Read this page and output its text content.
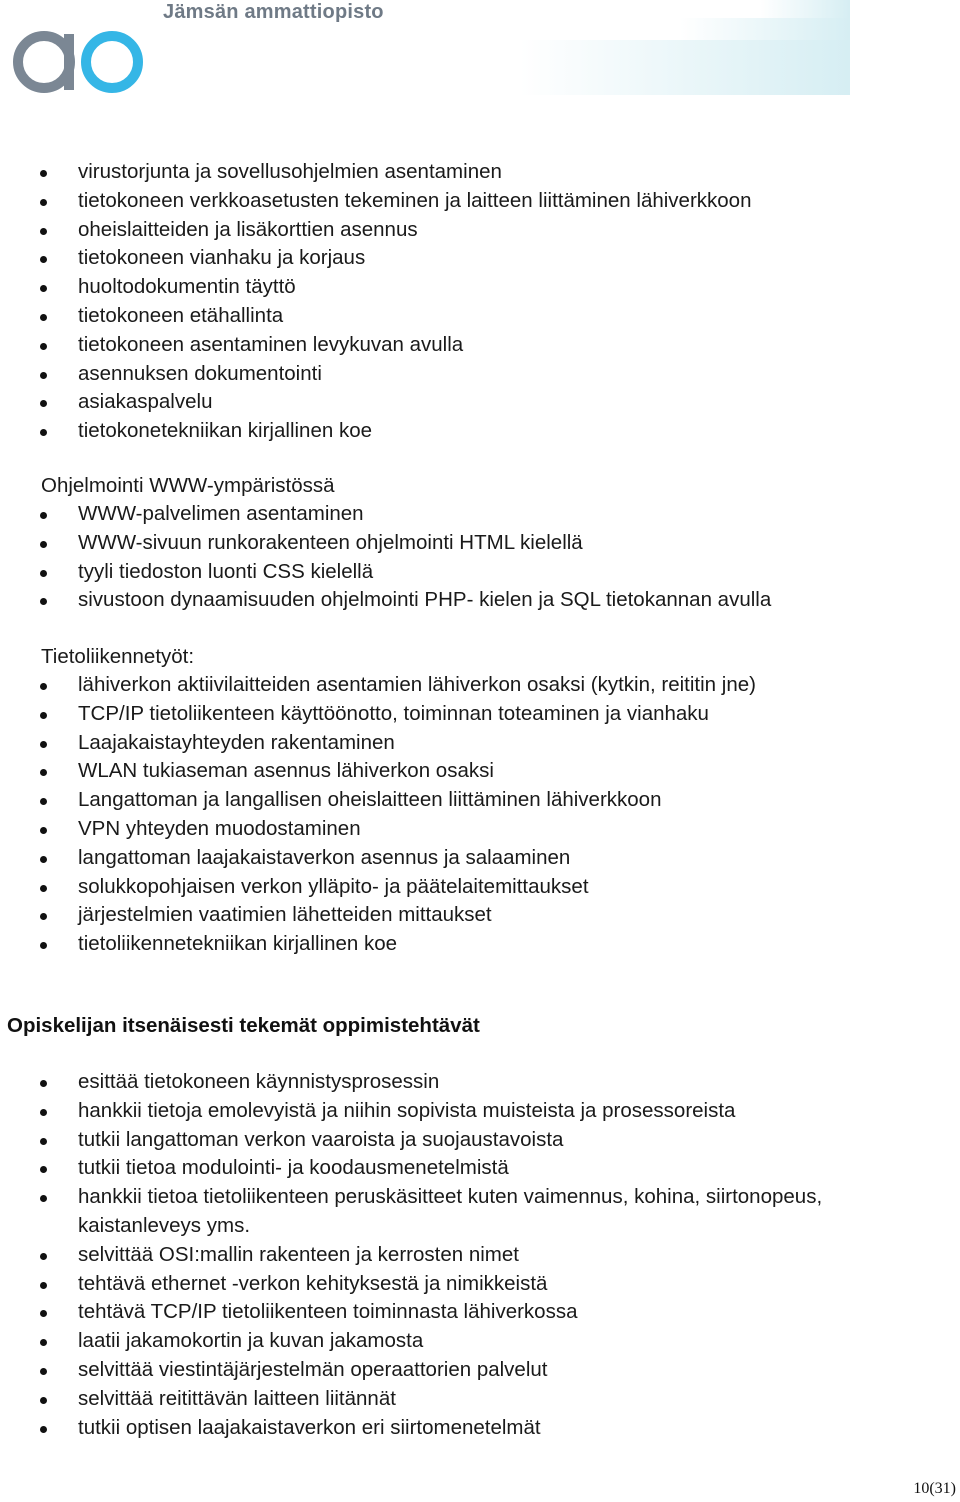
Jämsän ammattiopisto
virustorjunta ja sovellusohjelmien asentaminen
tietokoneen verkkoasetusten tekeminen ja laitteen liittäminen lähiverkkoon
oheislaitteiden ja lisäkorttien asennus
tietokoneen vianhaku ja korjaus
huoltodokumentin täyttö
tietokoneen etähallinta
tietokoneen asentaminen levykuvan avulla
asennuksen dokumentointi
asiakaspalvelu
tietokonetekniikan kirjallinen koe
Ohjelmointi WWW-ympäristössä
WWW-palvelimen asentaminen
WWW-sivuun runkorakenteen ohjelmointi HTML kielellä
tyyli tiedoston luonti CSS kielellä
sivustoon dynaamisuuden ohjelmointi PHP- kielen ja SQL tietokannan avulla
Tietoliikennetyöt:
lähiverkon aktiivilaitteiden asentamien lähiverkon osaksi (kytkin, reititin jne)
TCP/IP tietoliikenteen käyttöönotto, toiminnan toteaminen ja vianhaku
Laajakaistayhteyden rakentaminen
WLAN tukiaseman asennus lähiverkon osaksi
Langattoman ja langallisen oheislaitteen liittäminen lähiverkkoon
VPN yhteyden muodostaminen
langattoman laajakaistaverkon asennus ja salaaminen
solukkopohjaisen verkon ylläpito- ja päätelaitemittaukset
järjestelmien vaatimien lähetteiden mittaukset
tietoliikennetekniikan kirjallinen koe
Opiskelijan itsenäisesti tekemät oppimistehtävät
esittää tietokoneen käynnistysprosessin
hankkii tietoja emolevyistä ja niihin sopivista muisteista ja prosessoreista
tutkii langattoman verkon vaaroista ja suojaustavoista
tutkii tietoa modulointi- ja koodausmenetelmistä
hankkii tietoa tietoliikenteen peruskäsitteet kuten vaimennus, kohina, siirtonopeus, kaistanleveys yms.
selvittää OSI:mallin rakenteen ja kerrosten nimet
tehtävä ethernet -verkon kehityksestä ja nimikkeistä
tehtävä TCP/IP tietoliikenteen toiminnasta lähiverkossa
laatii jakamokortin ja kuvan jakamosta
selvittää viestintäjärjestelmän operaattorien palvelut
selvittää reitittävän laitteen liitännät
tutkii optisen laajakaistaverkon eri siirtomenetelmät
10(31)
